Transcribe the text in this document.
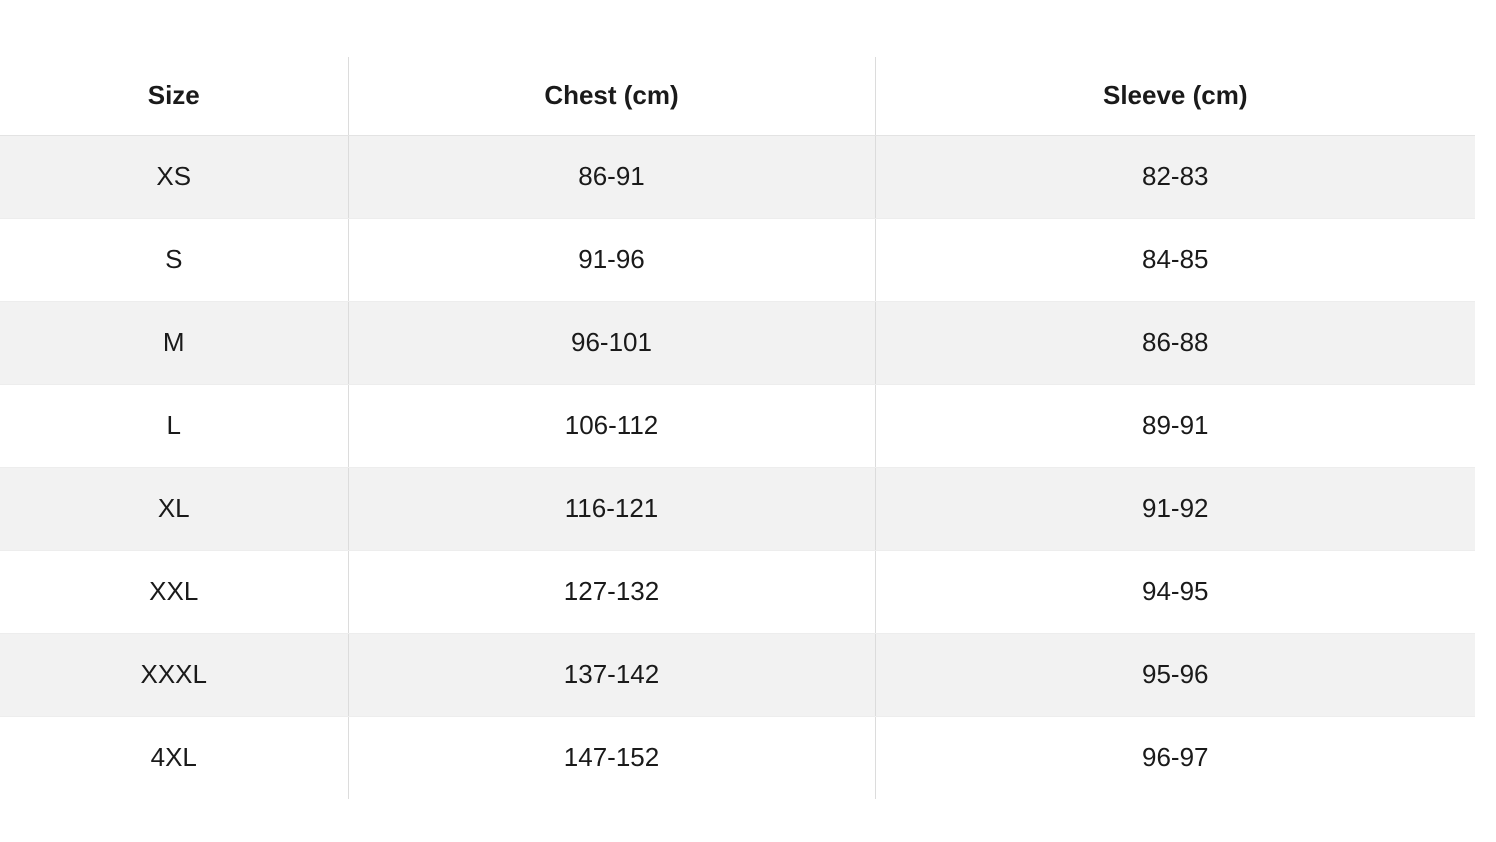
Size	Chest (cm)	Sleeve (cm)
XS	86-91	82-83
S	91-96	84-85
M	96-101	86-88
L	106-112	89-91
XL	116-121	91-92
XXL	127-132	94-95
XXXL	137-142	95-96
4XL	147-152	96-97
